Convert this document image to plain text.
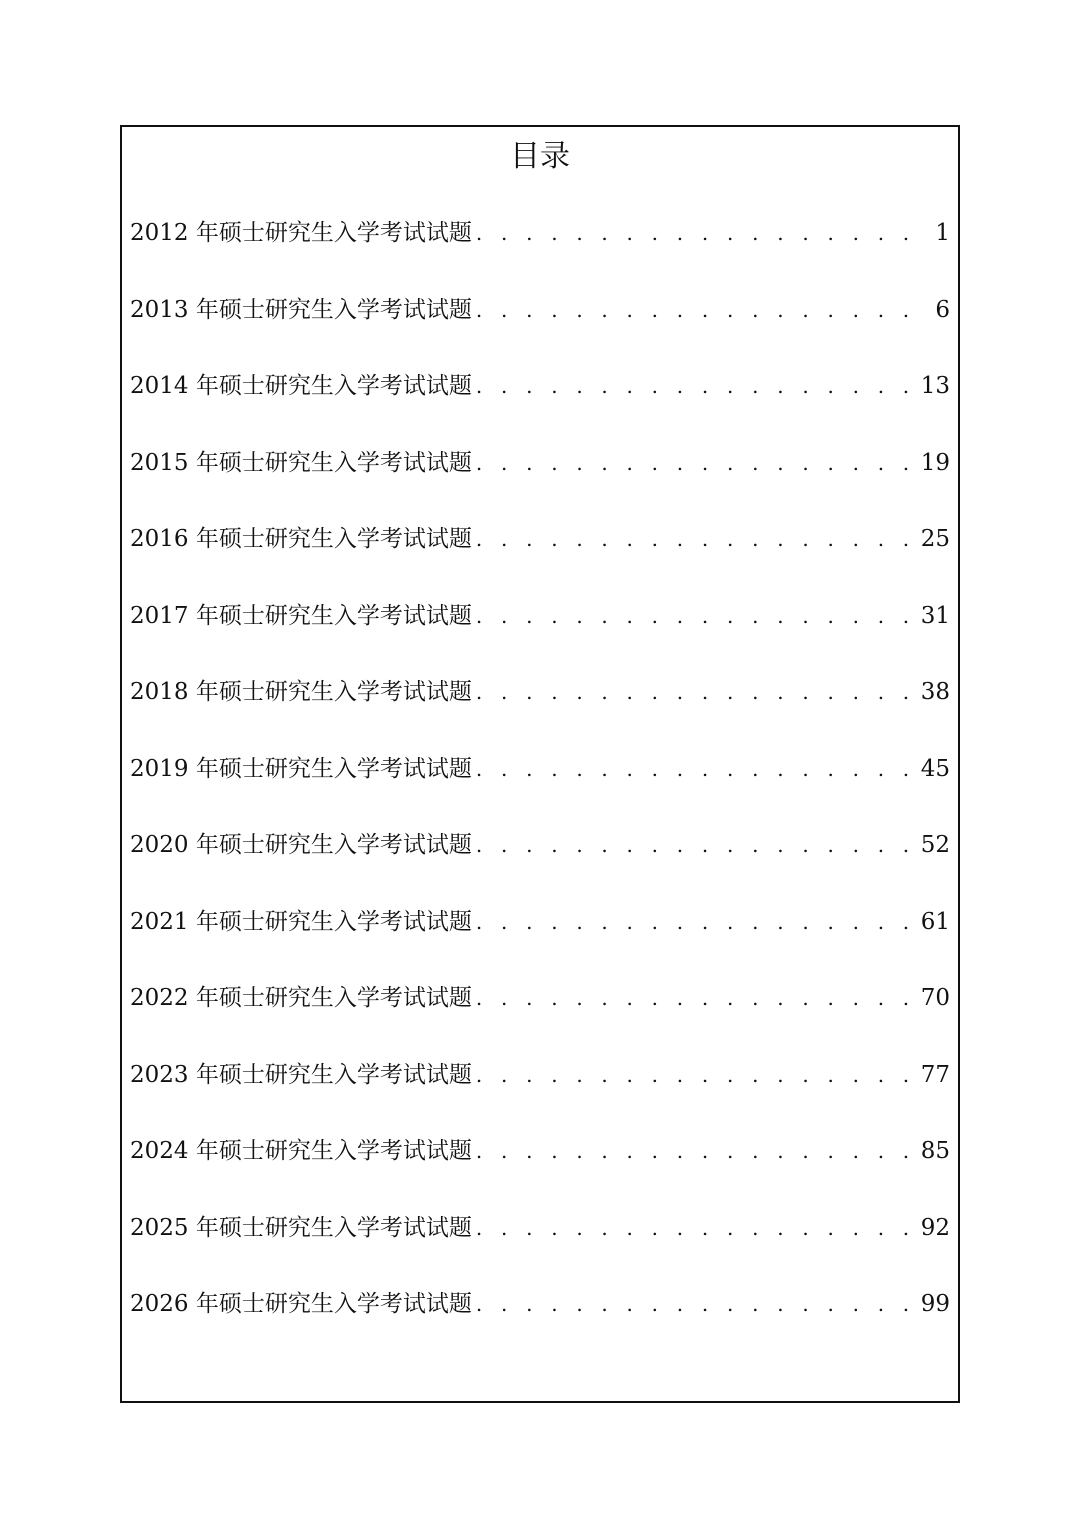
目录
2012 年硕士研究生入学考试试题 . . .	1
2013 年硕士研究生入学考试试题 . . .	6
2014 年硕士研究生入学考试试题 . . .	13
2015 年硕士研究生入学考试试题 . . .	19
2016 年硕士研究生入学考试试题 . . .	25
2017 年硕士研究生入学考试试题 . . .	31
2018 年硕士研究生入学考试试题 . . .	38
2019 年硕士研究生入学考试试题 . . .	45
2020 年硕士研究生入学考试试题 . . .	52
2021 年硕士研究生入学考试试题 . . .	61
2022 年硕士研究生入学考试试题 . . .	70
2023 年硕士研究生入学考试试题 . . .	77
2024 年硕士研究生入学考试试题 . . .	85
2025 年硕士研究生入学考试试题 . . .	92
2026 年硕士研究生入学考试试题 . . .	99
